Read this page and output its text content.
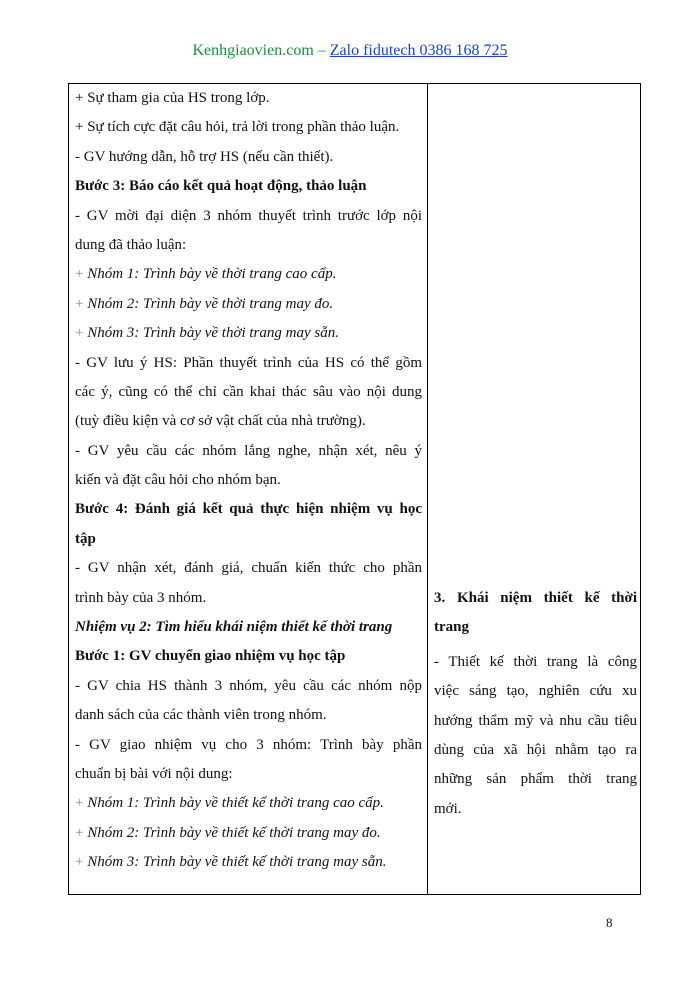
Kenhgiaovien.com – Zalo fidutech 0386 168 725
+ Sự tham gia của HS trong lớp.
+ Sự tích cực đặt câu hỏi, trả lời trong phần thảo luận.
- GV hướng dẫn, hỗ trợ HS (nếu cần thiết).
Bước 3: Báo cáo kết quả hoạt động, thảo luận
- GV mời đại diện 3 nhóm thuyết trình trước lớp nội
dung đã thảo luận:
+ Nhóm 1: Trình bày về thời trang cao cấp.
+ Nhóm 2: Trình bày về thời trang may đo.
+ Nhóm 3: Trình bày về thời trang may sẵn.
- GV lưu ý HS: Phần thuyết trình của HS có thể gồm
các ý, cũng có thể chỉ cần khai thác sâu vào nội dung
(tuỳ điều kiện và cơ sở vật chất của nhà trường).
- GV yêu cầu các nhóm lắng nghe, nhận xét, nêu ý
kiến và đặt câu hỏi cho nhóm bạn.
Bước 4: Đánh giá kết quả thực hiện nhiệm vụ học
tập
- GV nhận xét, đánh giá, chuẩn kiến thức cho phần
trình bày của 3 nhóm.
Nhiệm vụ 2: Tìm hiểu khái niệm thiết kế thời trang
Bước 1: GV chuyển giao nhiệm vụ học tập
- GV chia HS thành 3 nhóm, yêu cầu các nhóm nộp
danh sách của các thành viên trong nhóm.
- GV giao nhiệm vụ cho 3 nhóm: Trình bày phần
chuẩn bị bài với nội dung:
+ Nhóm 1: Trình bày về thiết kế thời trang cao cấp.
+ Nhóm 2: Trình bày về thiết kế thời trang may đo.
+ Nhóm 3: Trình bày về thiết kế thời trang may sẵn.
3. Khái niệm thiết kế thời
trang
- Thiết kế thời trang là công
việc sáng tạo, nghiên cứu xu
hướng thẩm mỹ và nhu cầu tiêu
dùng của xã hội nhằm tạo ra
những sản phẩm thời trang
mới.
8
